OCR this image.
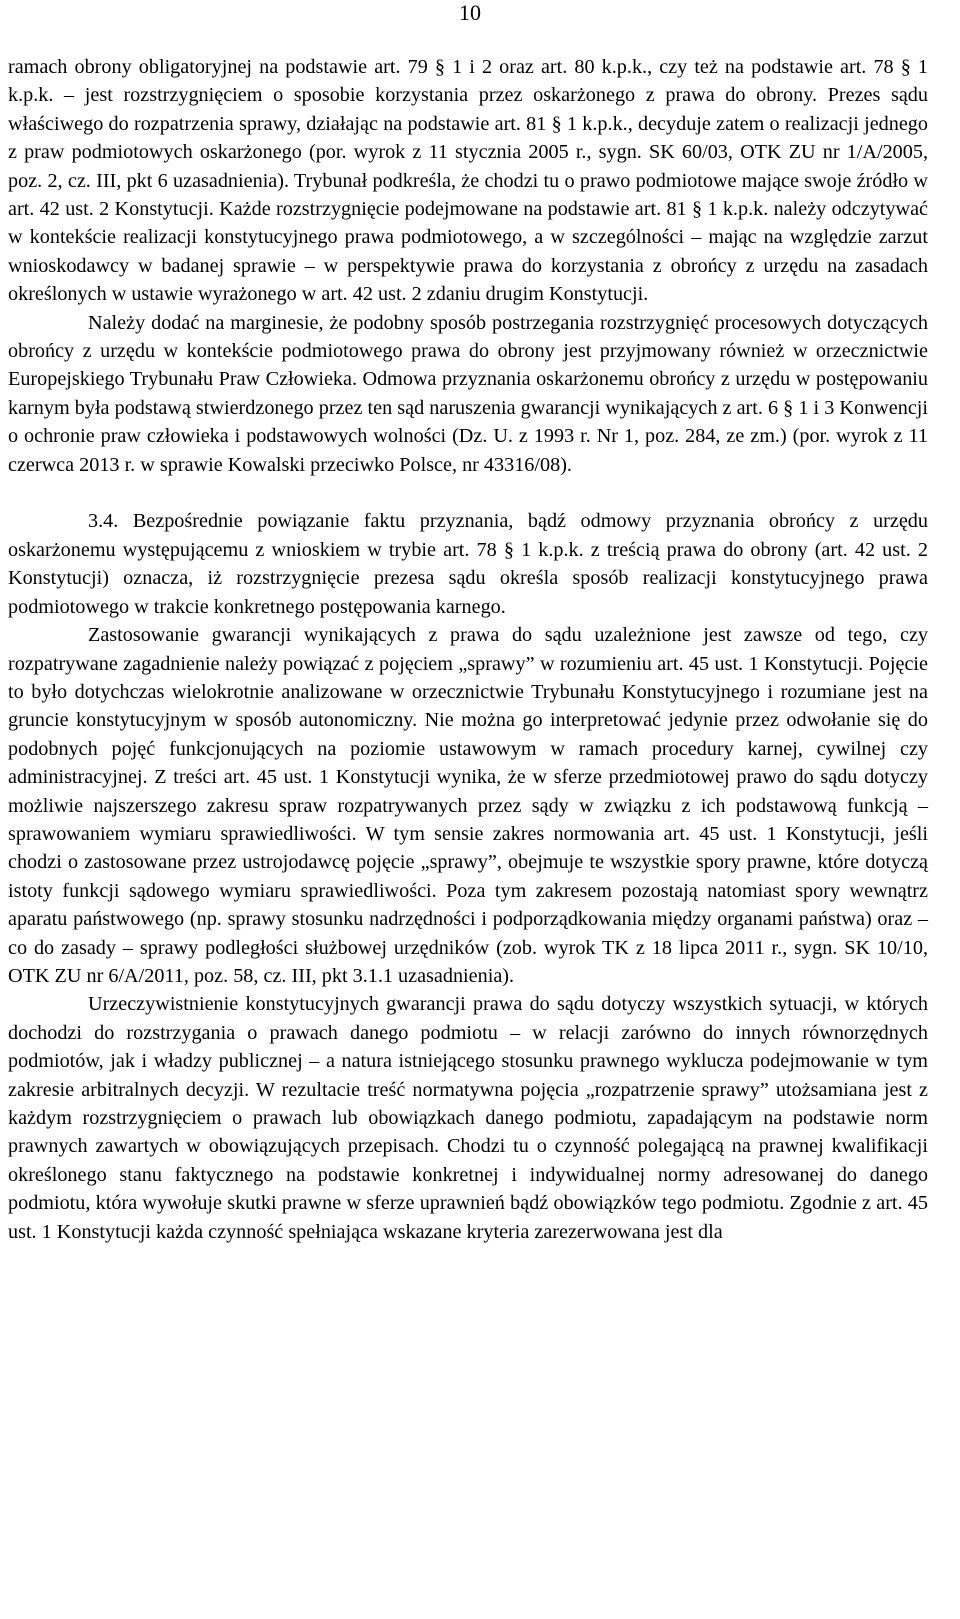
10

ramach obrony obligatoryjnej na podstawie art. 79 § 1 i 2 oraz art. 80 k.p.k., czy też na podstawie art. 78 § 1 k.p.k. – jest rozstrzygnięciem o sposobie korzystania przez oskarżonego z prawa do obrony. Prezes sądu właściwego do rozpatrzenia sprawy, działając na podstawie art. 81 § 1 k.p.k., decyduje zatem o realizacji jednego z praw podmiotowych oskarżonego (por. wyrok z 11 stycznia 2005 r., sygn. SK 60/03, OTK ZU nr 1/A/2005, poz. 2, cz. III, pkt 6 uzasadnienia). Trybunał podkreśla, że chodzi tu o prawo podmiotowe mające swoje źródło w art. 42 ust. 2 Konstytucji. Każde rozstrzygnięcie podejmowane na podstawie art. 81 § 1 k.p.k. należy odczytywać w kontekście realizacji konstytucyjnego prawa podmiotowego, a w szczególności – mając na względzie zarzut wnioskodawcy w badanej sprawie – w perspektywie prawa do korzystania z obrońcy z urzędu na zasadach określonych w ustawie wyrażonego w art. 42 ust. 2 zdaniu drugim Konstytucji.

Należy dodać na marginesie, że podobny sposób postrzegania rozstrzygnięć procesowych dotyczących obrońcy z urzędu w kontekście podmiotowego prawa do obrony jest przyjmowany również w orzecznictwie Europejskiego Trybunału Praw Człowieka. Odmowa przyznania oskarżonemu obrońcy z urzędu w postępowaniu karnym była podstawą stwierdzonego przez ten sąd naruszenia gwarancji wynikających z art. 6 § 1 i 3 Konwencji o ochronie praw człowieka i podstawowych wolności (Dz. U. z 1993 r. Nr 1, poz. 284, ze zm.) (por. wyrok z 11 czerwca 2013 r. w sprawie Kowalski przeciwko Polsce, nr 43316/08).

3.4. Bezpośrednie powiązanie faktu przyznania, bądź odmowy przyznania obrońcy z urzędu oskarżonemu występującemu z wnioskiem w trybie art. 78 § 1 k.p.k. z treścią prawa do obrony (art. 42 ust. 2 Konstytucji) oznacza, iż rozstrzygnięcie prezesa sądu określa sposób realizacji konstytucyjnego prawa podmiotowego w trakcie konkretnego postępowania karnego.

Zastosowanie gwarancji wynikających z prawa do sądu uzależnione jest zawsze od tego, czy rozpatrywane zagadnienie należy powiązać z pojęciem „sprawy” w rozumieniu art. 45 ust. 1 Konstytucji. Pojęcie to było dotychczas wielokrotnie analizowane w orzecznictwie Trybunału Konstytucyjnego i rozumiane jest na gruncie konstytucyjnym w sposób autonomiczny. Nie można go interpretować jedynie przez odwołanie się do podobnych pojęć funkcjonujących na poziomie ustawowym w ramach procedury karnej, cywilnej czy administracyjnej. Z treści art. 45 ust. 1 Konstytucji wynika, że w sferze przedmiotowej prawo do sądu dotyczy możliwie najszerszego zakresu spraw rozpatrywanych przez sądy w związku z ich podstawową funkcją – sprawowaniem wymiaru sprawiedliwości. W tym sensie zakres normowania art. 45 ust. 1 Konstytucji, jeśli chodzi o zastosowane przez ustrojodawcę pojęcie „sprawy”, obejmuje te wszystkie spory prawne, które dotyczą istoty funkcji sądowego wymiaru sprawiedliwości. Poza tym zakresem pozostają natomiast spory wewnątrz aparatu państwowego (np. sprawy stosunku nadrzędności i podporządkowania między organami państwa) oraz – co do zasady – sprawy podległości służbowej urzędników (zob. wyrok TK z 18 lipca 2011 r., sygn. SK 10/10, OTK ZU nr 6/A/2011, poz. 58, cz. III, pkt 3.1.1 uzasadnienia).

Urzeczywistnienie konstytucyjnych gwarancji prawa do sądu dotyczy wszystkich sytuacji, w których dochodzi do rozstrzygania o prawach danego podmiotu – w relacji zarówno do innych równorzędnych podmiotów, jak i władzy publicznej – a natura istniejącego stosunku prawnego wyklucza podejmowanie w tym zakresie arbitralnych decyzji. W rezultacie treść normatywna pojęcia „rozpatrzenie sprawy” utożsamiana jest z każdym rozstrzygnięciem o prawach lub obowiązkach danego podmiotu, zapadającym na podstawie norm prawnych zawartych w obowiązujących przepisach. Chodzi tu o czynność polegającą na prawnej kwalifikacji określonego stanu faktycznego na podstawie konkretnej i indywidualnej normy adresowanej do danego podmiotu, która wywołuje skutki prawne w sferze uprawnień bądź obowiązków tego podmiotu. Zgodnie z art. 45 ust. 1 Konstytucji każda czynność spełniająca wskazane kryteria zarezerwowana jest dla
